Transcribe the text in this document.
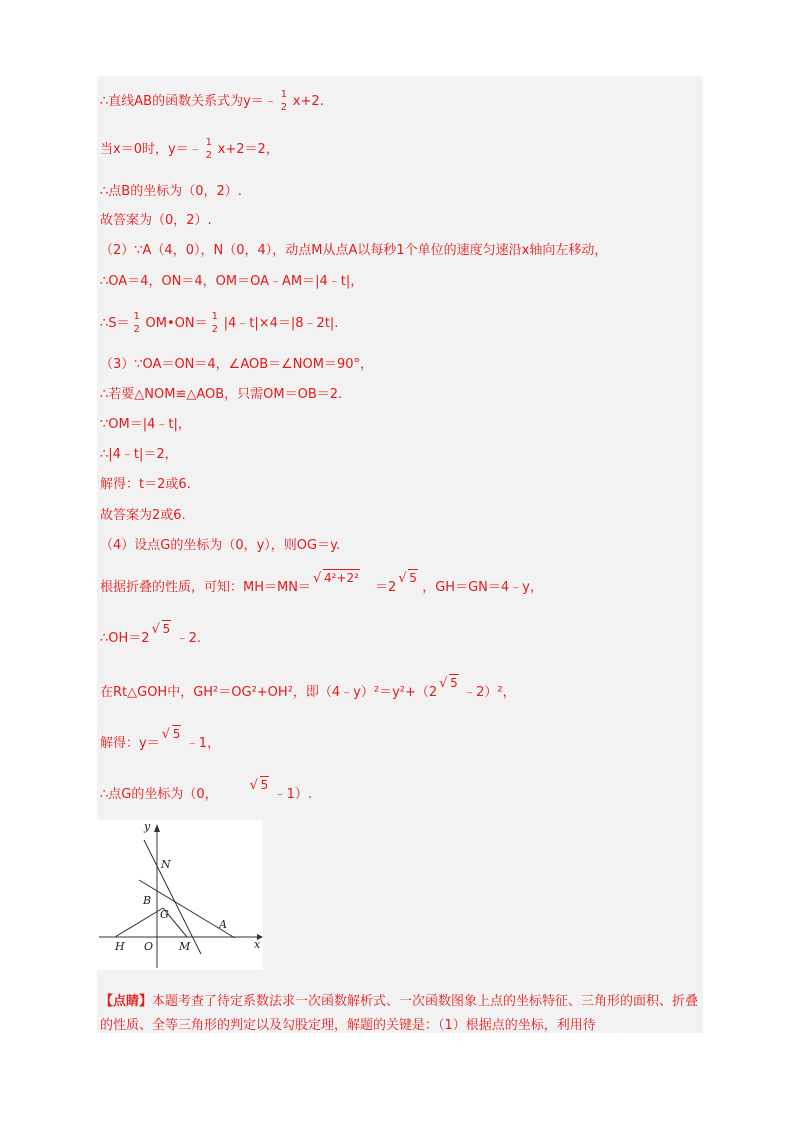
∴直线AB的函数关系式为y＝﹣ 1
2 x+2.
当x＝0时，y＝﹣ 1
2 x+2＝2，
∴点B的坐标为（0，2）.
故答案为（0，2）.
（2）∵A（4，0），N（0，4），动点M从点A以每秒1个单位的速度匀速沿x轴向左移动，
∴OA＝4，ON＝4，OM＝OA﹣AM＝|4﹣t|，
∴S＝ 1
2 OM•ON＝ 1
2 |4﹣t|×4＝|8﹣2t|.
（3）∵OA＝ON＝4，∠AOB＝∠NOM＝90°，
∴若要△NOM≌△AOB，只需OM＝OB＝2.
∵OM＝|4﹣t|，
∴|4﹣t|＝2，
解得：t＝2或6.
故答案为2或6.
（4）设点G的坐标为（0，y），则OG＝y.
根据折叠的性质，可知：MH＝MN＝
√ 4²+2²
＝2
√ 5
，GH＝GN＝4﹣y，
∴OH＝2
√ 5
﹣2.
在Rt△GOH中，GH²＝OG²+OH²，即（4﹣y）²＝y²+（2
√ 5
﹣2）²，
解得：y＝
√ 5
﹣1，
∴点G的坐标为（0，
√ 5
﹣1）.
y
x
N
B
G
A
H O M
【点睛】本题考查了待定系数法求一次函数解析式、一次函数图象上点的坐标特征、三角形的面积、折叠的性质、全等三角形的判定以及勾股定理，解题的关键是：（1）根据点的坐标，利用待
